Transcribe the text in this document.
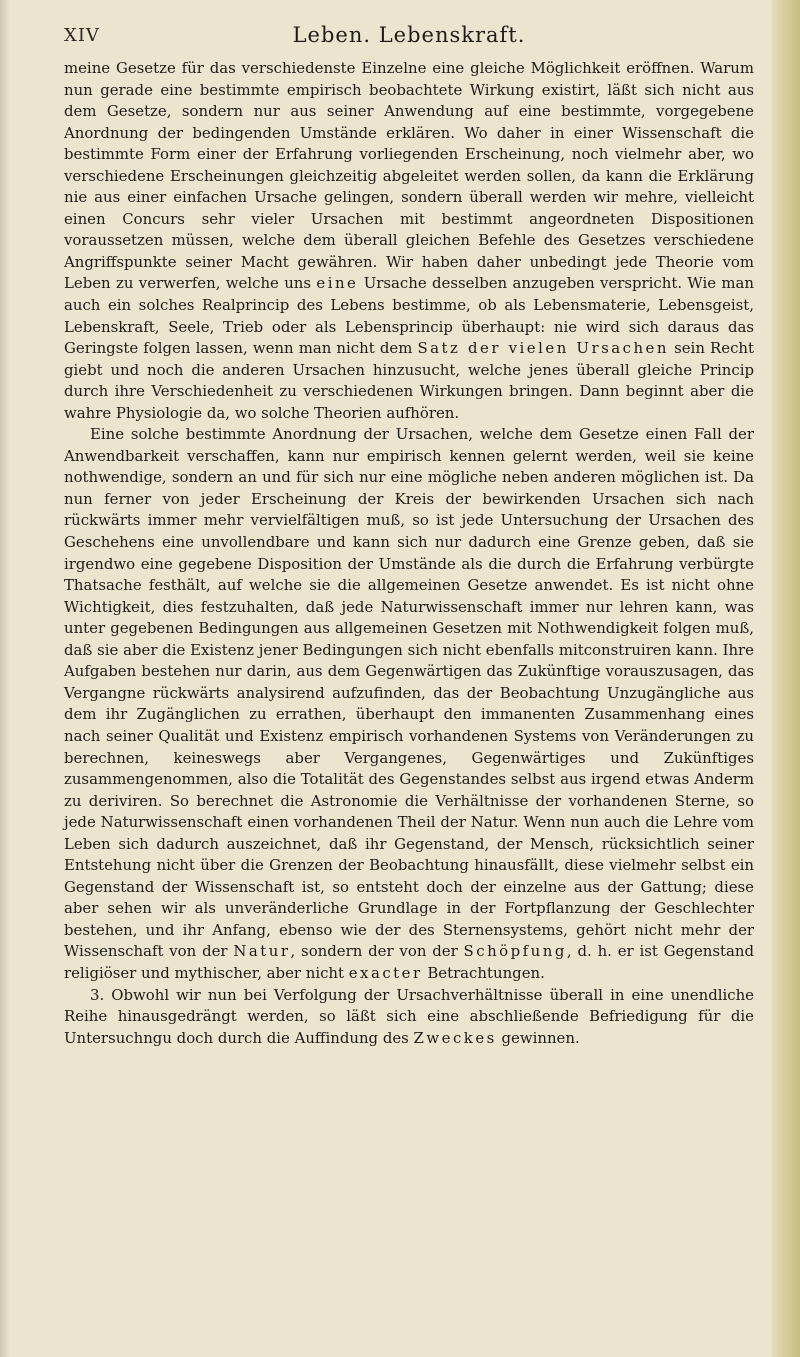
XIV	Leben. Lebenskraft.

meine Gesetze für das verschiedenste Einzelne eine gleiche Möglichkeit eröffnen. Warum nun gerade eine bestimmte empirisch beobachtete Wirkung existirt, läßt sich nicht aus dem Gesetze, sondern nur aus seiner Anwendung auf eine bestimmte, vorgegebene Anordnung der bedingenden Umstände erklären. Wo daher in einer Wissenschaft die bestimmte Form einer der Erfahrung vorliegenden Erscheinung, noch vielmehr aber, wo verschiedene Erscheinungen gleichzeitig abgeleitet werden sollen, da kann die Erklärung nie aus einer einfachen Ursache gelingen, sondern überall werden wir mehre, vielleicht einen Concurs sehr vieler Ursachen mit bestimmt angeordneten Dispositionen voraussetzen müssen, welche dem überall gleichen Befehle des Gesetzes verschiedene Angriffspunkte seiner Macht gewähren. Wir haben daher unbedingt jede Theorie vom Leben zu verwerfen, welche uns eine Ursache desselben anzugeben verspricht. Wie man auch ein solches Realprincip des Lebens bestimme, ob als Lebensmaterie, Lebensgeist, Lebenskraft, Seele, Trieb oder als Lebensprincip überhaupt: nie wird sich daraus das Geringste folgen lassen, wenn man nicht dem Satz der vielen Ursachen sein Recht giebt und noch die anderen Ursachen hinzusucht, welche jenes überall gleiche Princip durch ihre Verschiedenheit zu verschiedenen Wirkungen bringen. Dann beginnt aber die wahre Physiologie da, wo solche Theorien aufhören.

Eine solche bestimmte Anordnung der Ursachen, welche dem Gesetze einen Fall der Anwendbarkeit verschaffen, kann nur empirisch kennen gelernt werden, weil sie keine nothwendige, sondern an und für sich nur eine mögliche neben anderen möglichen ist. Da nun ferner von jeder Erscheinung der Kreis der bewirkenden Ursachen sich nach rückwärts immer mehr vervielfältigen muß, so ist jede Untersuchung der Ursachen des Geschehens eine unvollendbare und kann sich nur dadurch eine Grenze geben, daß sie irgendwo eine gegebene Disposition der Umstände als die durch die Erfahrung verbürgte Thatsache festhält, auf welche sie die allgemeinen Gesetze anwendet. Es ist nicht ohne Wichtigkeit, dies festzuhalten, daß jede Naturwissenschaft immer nur lehren kann, was unter gegebenen Bedingungen aus allgemeinen Gesetzen mit Nothwendigkeit folgen muß, daß sie aber die Existenz jener Bedingungen sich nicht ebenfalls mitconstruiren kann. Ihre Aufgaben bestehen nur darin, aus dem Gegenwärtigen das Zukünftige vorauszusagen, das Vergangne rückwärts analysirend aufzufinden, das der Beobachtung Unzugängliche aus dem ihr Zugänglichen zu errathen, überhaupt den immanenten Zusammenhang eines nach seiner Qualität und Existenz empirisch vorhandenen Systems von Veränderungen zu berechnen, keineswegs aber Vergangenes, Gegenwärtiges und Zukünftiges zusammengenommen, also die Totalität des Gegenstandes selbst aus irgend etwas Anderm zu deriviren. So berechnet die Astronomie die Verhältnisse der vorhandenen Sterne, so jede Naturwissenschaft einen vorhandenen Theil der Natur. Wenn nun auch die Lehre vom Leben sich dadurch auszeichnet, daß ihr Gegenstand, der Mensch, rücksichtlich seiner Entstehung nicht über die Grenzen der Beobachtung hinausfällt, diese vielmehr selbst ein Gegenstand der Wissenschaft ist, so entsteht doch der einzelne aus der Gattung; diese aber sehen wir als unveränderliche Grundlage in der Fortpflanzung der Geschlechter bestehen, und ihr Anfang, ebenso wie der des Sternensystems, gehört nicht mehr der Wissenschaft von der Natur, sondern der von der Schöpfung, d. h. er ist Gegenstand religiöser und mythischer, aber nicht exacter Betrachtungen.

3. Obwohl wir nun bei Verfolgung der Ursachverhältnisse überall in eine unendliche Reihe hinausgedrängt werden, so läßt sich eine abschließende Befriedigung für die Untersuchngu doch durch die Auffindung des Zweckes gewinnen.
